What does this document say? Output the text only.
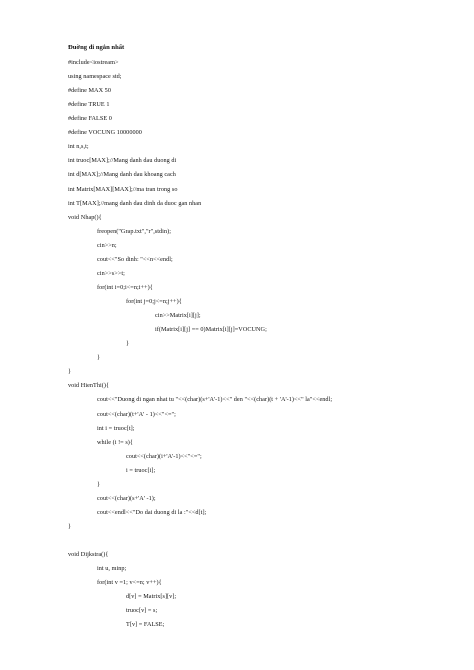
Đuờng đi ngắn nhất
#include<iostream>
using namespace std;
#define MAX 50
#define TRUE 1
#define FALSE 0
#define VOCUNG 10000000
int n,s,t;
int truoc[MAX];//Mang danh dau duong di
int d[MAX];//Mang danh dau khoang cach
int Matrix[MAX][MAX];//ma tran trong so
int T[MAX];//mang danh dau dinh da duoc gan nhan
void Nhap(){
freopen("Grap.txt","r",stdin);
cin>>n;
cout<<"So dinh: "<<n<<endl;
cin>>s>>t;
for(int i=0;i<=n;i++){
for(int j=0;j<=n;j++){
cin>>Matrix[i][j];
if(Matrix[i][j] == 0)Matrix[i][j]=VOCUNG;
}
}
}
void HienThi(){
cout<<"Duong di ngan nhat tu "<<(char)(s+'A'-1)<<" den "<<(char)(t + 'A'-1)<<" la"<<endl;
cout<<(char)(t+'A' - 1)<<"<=";
int i = truoc[t];
while (i != s){
cout<<(char)(i+'A'-1)<<"<=";
i = truoc[i];
}
cout<<(char)(s+'A' -1);
cout<<endl<<"Do dai duong di la :"<<d[t];
}
void Dijkstra(){
int u, minp;
for(int v =1; v<=n; v++){
d[v] = Matrix[s][v];
truoc[v] = s;
T[v] = FALSE;
